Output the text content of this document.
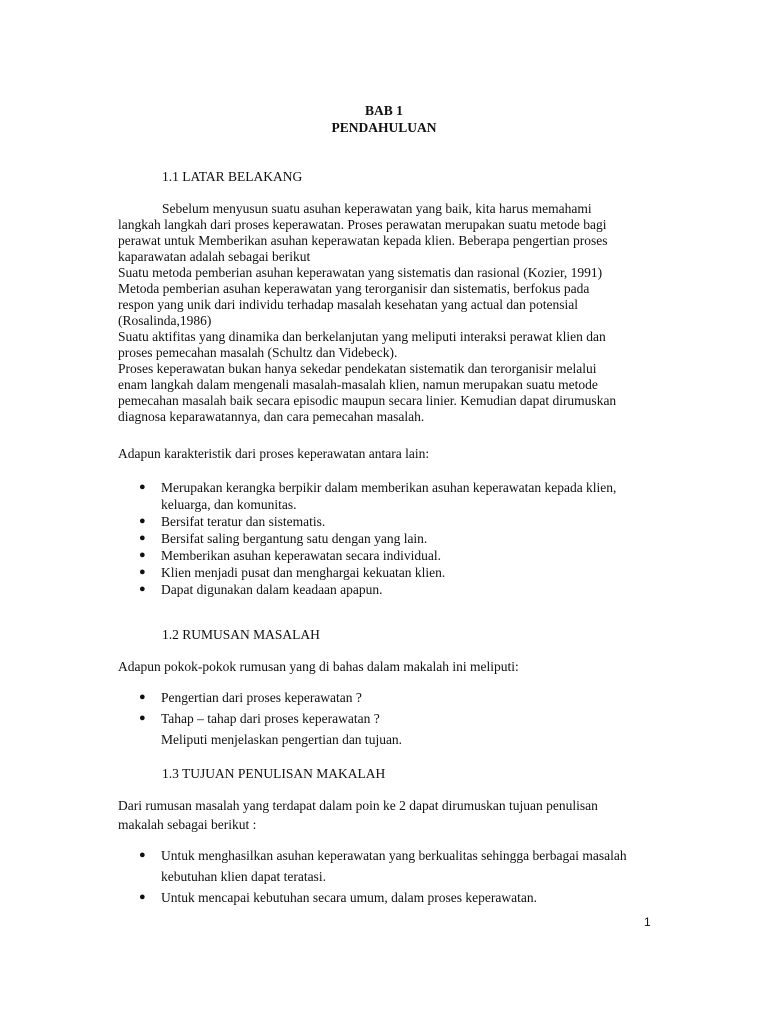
BAB 1
PENDAHULUAN
1.1 LATAR BELAKANG
Sebelum menyusun suatu asuhan keperawatan yang baik, kita harus memahami
langkah langkah dari proses keperawatan. Proses perawatan merupakan suatu metode bagi
perawat untuk Memberikan asuhan keperawatan kepada klien. Beberapa pengertian proses
kaparawatan adalah sebagai berikut
Suatu metoda pemberian asuhan keperawatan yang sistematis dan rasional (Kozier, 1991)
Metoda pemberian asuhan keperawatan yang terorganisir dan sistematis, berfokus pada
respon yang unik dari individu terhadap masalah kesehatan yang actual dan potensial
(Rosalinda,1986)
Suatu aktifitas yang dinamika dan berkelanjutan yang meliputi interaksi perawat klien dan
proses pemecahan masalah (Schultz dan Videbeck).
Proses keperawatan bukan hanya sekedar pendekatan sistematik dan terorganisir melalui
enam langkah dalam mengenali masalah-masalah klien, namun merupakan suatu metode
pemecahan masalah baik secara episodic maupun secara linier. Kemudian dapat dirumuskan
diagnosa keparawatannya, dan cara pemecahan masalah.
Adapun karakteristik dari proses keperawatan antara lain:
● Merupakan kerangka berpikir dalam memberikan asuhan keperawatan kepada klien,
keluarga, dan komunitas.
● Bersifat teratur dan sistematis.
● Bersifat saling bergantung satu dengan yang lain.
● Memberikan asuhan keperawatan secara individual.
● Klien menjadi pusat dan menghargai kekuatan klien.
● Dapat digunakan dalam keadaan apapun.
1.2 RUMUSAN MASALAH
Adapun pokok-pokok rumusan yang di bahas dalam makalah ini meliputi:
● Pengertian dari proses keperawatan ?
● Tahap – tahap dari proses keperawatan ?
Meliputi menjelaskan pengertian dan tujuan.
1.3 TUJUAN PENULISAN MAKALAH
Dari rumusan masalah yang terdapat dalam poin ke 2 dapat dirumuskan tujuan penulisan
makalah sebagai berikut :
● Untuk menghasilkan asuhan keperawatan yang berkualitas sehingga berbagai masalah
kebutuhan klien dapat teratasi.
● Untuk mencapai kebutuhan secara umum, dalam proses keperawatan.
1
